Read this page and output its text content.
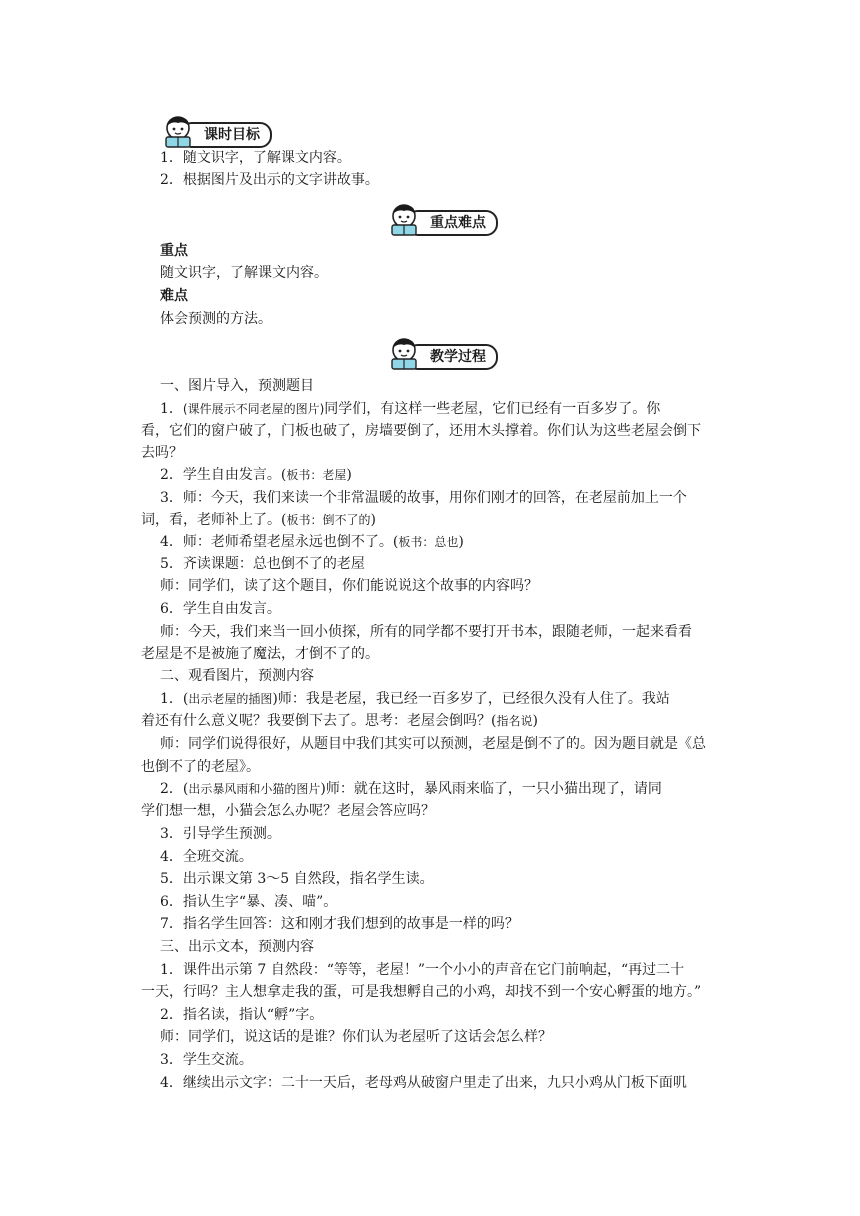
课时目标
1．随文识字，了解课文内容。
2．根据图片及出示的文字讲故事。
重点难点
重点
随文识字，了解课文内容。
难点
体会预测的方法。
教学过程
一、图片导入，预测题目
1．(课件展示不同老屋的图片)同学们，有这样一些老屋，它们已经有一百多岁了。你
看，它们的窗户破了，门板也破了，房墙要倒了，还用木头撑着。你们认为这些老屋会倒下
去吗？
2．学生自由发言。(板书：老屋)
3．师：今天，我们来读一个非常温暖的故事，用你们刚才的回答，在老屋前加上一个
词，看，老师补上了。(板书：倒不了的)
4．师：老师希望老屋永远也倒不了。(板书：总也)
5．齐读课题：总也倒不了的老屋
师：同学们，读了这个题目，你们能说说这个故事的内容吗？
6．学生自由发言。
师：今天，我们来当一回小侦探，所有的同学都不要打开书本，跟随老师，一起来看看
老屋是不是被施了魔法，才倒不了的。
二、观看图片，预测内容
1．(出示老屋的插图)师：我是老屋，我已经一百多岁了，已经很久没有人住了。我站
着还有什么意义呢？我要倒下去了。思考：老屋会倒吗？(指名说)
师：同学们说得很好，从题目中我们其实可以预测，老屋是倒不了的。因为题目就是《总
也倒不了的老屋》。
2．(出示暴风雨和小猫的图片)师：就在这时，暴风雨来临了，一只小猫出现了，请同
学们想一想，小猫会怎么办呢？老屋会答应吗？
3．引导学生预测。
4．全班交流。
5．出示课文第 3～5 自然段，指名学生读。
6．指认生字“暴、凑、喵”。
7．指名学生回答：这和刚才我们想到的故事是一样的吗？
三、出示文本，预测内容
1．课件出示第 7 自然段：“等等，老屋！”一个小小的声音在它门前响起，“再过二十
一天，行吗？主人想拿走我的蛋，可是我想孵自己的小鸡，却找不到一个安心孵蛋的地方。”
2．指名读，指认“孵”字。
师：同学们，说这话的是谁？你们认为老屋听了这话会怎么样？
3．学生交流。
4．继续出示文字：二十一天后，老母鸡从破窗户里走了出来，九只小鸡从门板下面叽
